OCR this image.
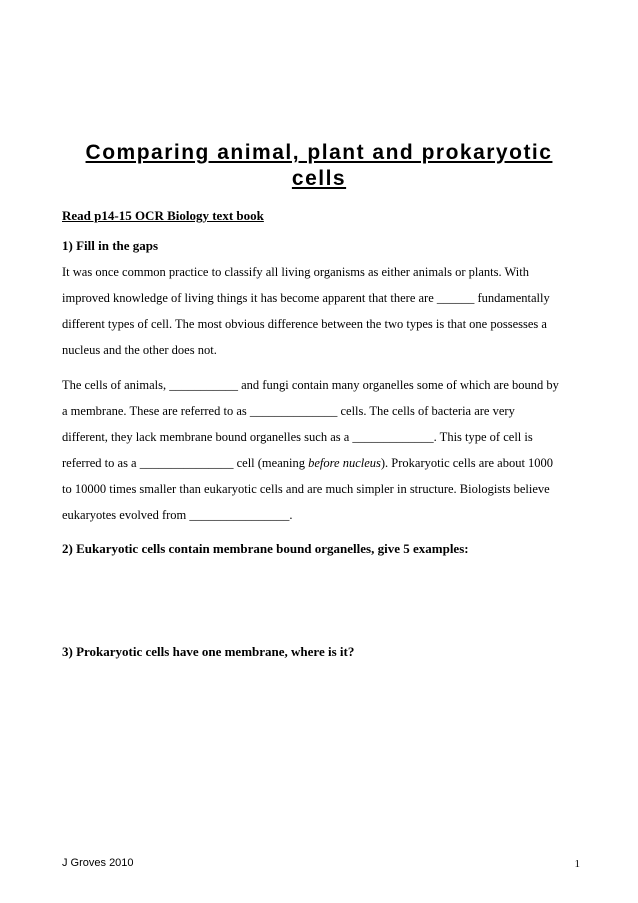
Comparing animal, plant and prokaryotic
cells
Read p14-15 OCR Biology text book
1) Fill in the gaps
It was once common practice to classify all living organisms as either animals or plants. With
improved knowledge of living things it has become apparent that there are ______ fundamentally
different types of cell. The most obvious difference between the two types is that one possesses a
nucleus and the other does not.
The cells of animals, ___________ and fungi contain many organelles some of which are bound by
a membrane. These are referred to as ______________ cells. The cells of bacteria are very
different, they lack membrane bound organelles such as a _____________. This type of cell is
referred to as a _______________ cell (meaning before nucleus). Prokaryotic cells are about 1000
to 10000 times smaller than eukaryotic cells and are much simpler in structure. Biologists believe
eukaryotes evolved from ________________.
2) Eukaryotic cells contain membrane bound organelles, give 5 examples:
3) Prokaryotic cells have one membrane, where is it?
J Groves 2010	1
